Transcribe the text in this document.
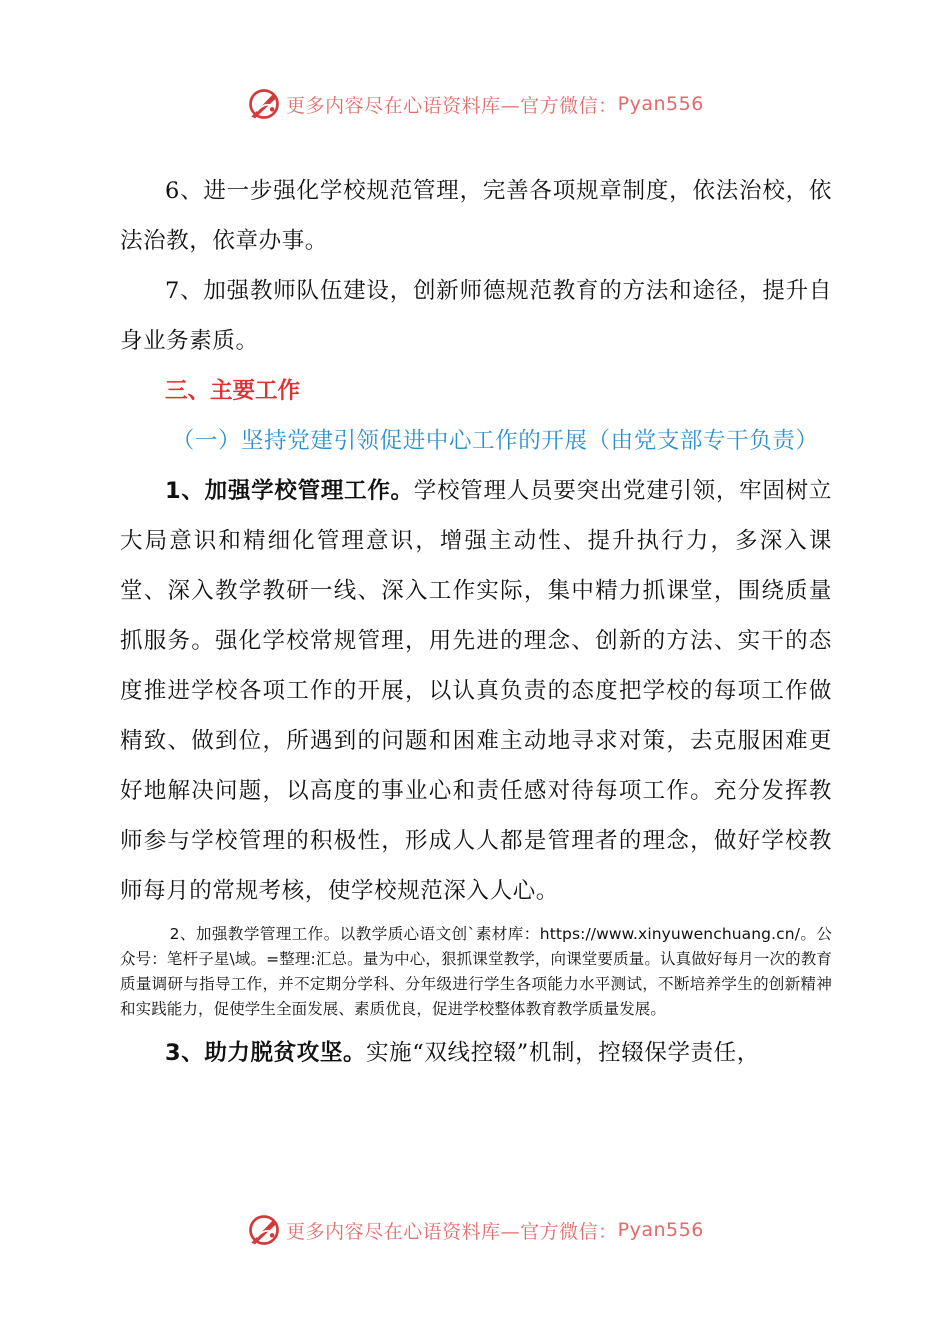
更多内容尽在心语资料库—官方微信： Pyan556

6、进一步强化学校规范管理，完善各项规章制度，依法治校，依法治教，依章办事。

7、加强教师队伍建设，创新师德规范教育的方法和途径，提升自身业务素质。

三、主要工作

（一）坚持党建引领促进中心工作的开展（由党支部专干负责）

1、加强学校管理工作。学校管理人员要突出党建引领，牢固树立大局意识和精细化管理意识，增强主动性、提升执行力，多深入课堂、深入教学教研一线、深入工作实际，集中精力抓课堂，围绕质量抓服务。强化学校常规管理，用先进的理念、创新的方法、实干的态度推进学校各项工作的开展，以认真负责的态度把学校的每项工作做精致、做到位，所遇到的问题和困难主动地寻求对策，去克服困难更好地解决问题，以高度的事业心和责任感对待每项工作。充分发挥教师参与学校管理的积极性，形成人人都是管理者的理念，做好学校教师每月的常规考核，使学校规范深入人心。

2、加强教学管理工作。以教学质心语文创`素材库：https://www.xinyuwenchuang.cn/。公众号：笔杆子星\域。=整理:汇总。量为中心，狠抓课堂教学，向课堂要质量。认真做好每月一次的教育质量调研与指导工作，并不定期分学科、分年级进行学生各项能力水平测试，不断培养学生的创新精神和实践能力，促使学生全面发展、素质优良，促进学校整体教育教学质量发展。

3、助力脱贫攻坚。实施“双线控辍”机制，控辍保学责任，

更多内容尽在心语资料库—官方微信： Pyan556
